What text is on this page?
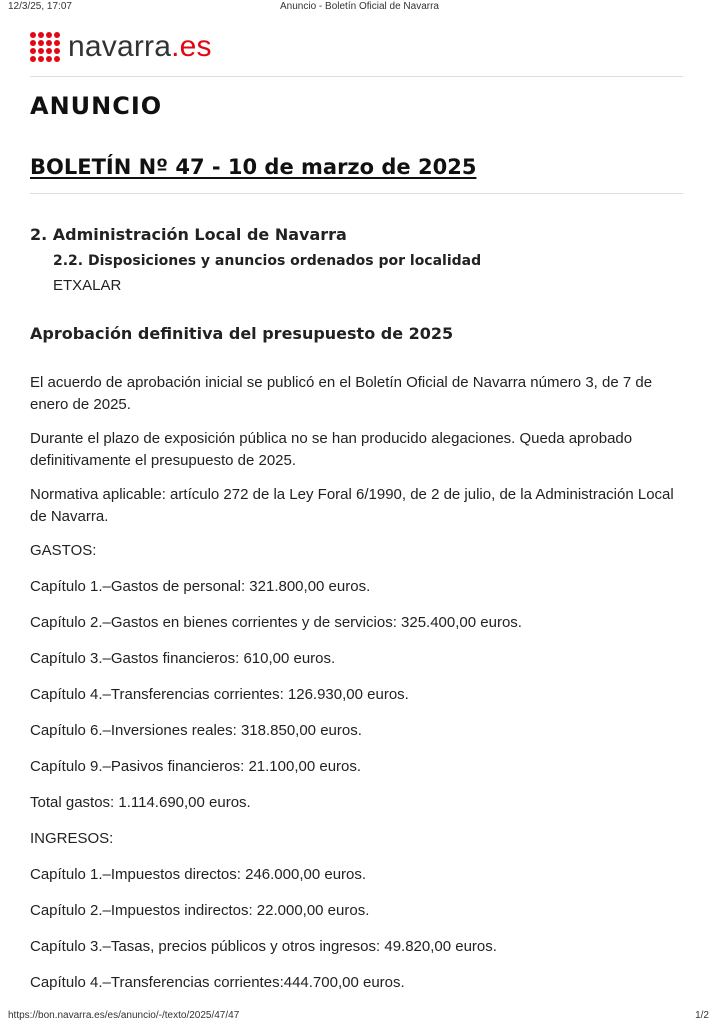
12/3/25, 17:07	Anuncio - Boletín Oficial de Navarra
navarra.es
ANUNCIO
BOLETÍN Nº 47 - 10 de marzo de 2025
2. Administración Local de Navarra
2.2. Disposiciones y anuncios ordenados por localidad
ETXALAR
Aprobación definitiva del presupuesto de 2025

El acuerdo de aprobación inicial se publicó en el Boletín Oficial de Navarra número 3, de 7 de enero de 2025.

Durante el plazo de exposición pública no se han producido alegaciones. Queda aprobado definitivamente el presupuesto de 2025.

Normativa aplicable: artículo 272 de la Ley Foral 6/1990, de 2 de julio, de la Administración Local de Navarra.

GASTOS:

Capítulo 1.–Gastos de personal: 321.800,00 euros.

Capítulo 2.–Gastos en bienes corrientes y de servicios: 325.400,00 euros.

Capítulo 3.–Gastos financieros: 610,00 euros.

Capítulo 4.–Transferencias corrientes: 126.930,00 euros.

Capítulo 6.–Inversiones reales: 318.850,00 euros.

Capítulo 9.–Pasivos financieros: 21.100,00 euros.

Total gastos: 1.114.690,00 euros.

INGRESOS:

Capítulo 1.–Impuestos directos: 246.000,00 euros.

Capítulo 2.–Impuestos indirectos: 22.000,00 euros.

Capítulo 3.–Tasas, precios públicos y otros ingresos: 49.820,00 euros.

Capítulo 4.–Transferencias corrientes:444.700,00 euros.

https://bon.navarra.es/es/anuncio/-/texto/2025/47/47	1/2
